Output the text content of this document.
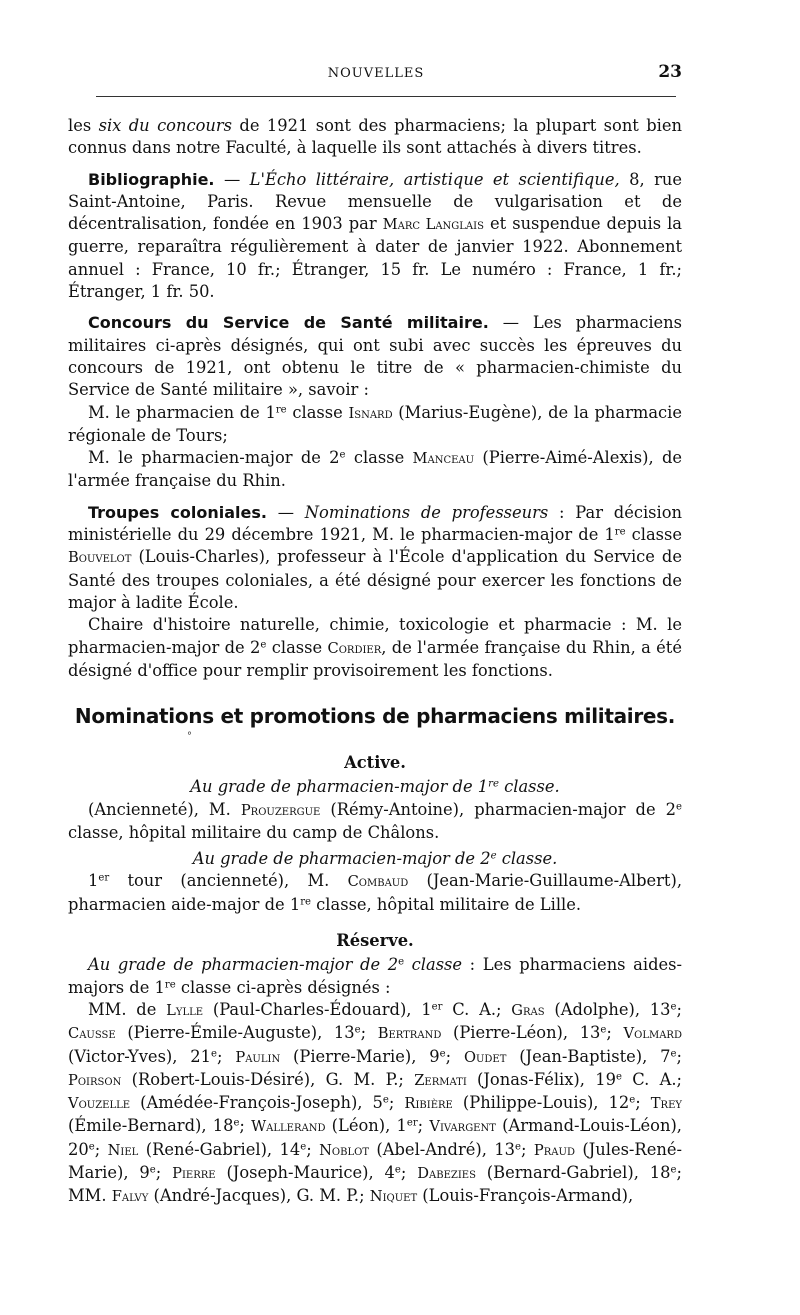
NOUVELLES	23

les six du concours de 1921 sont des pharmaciens; la plupart sont bien connus dans notre Faculté, à laquelle ils sont attachés à divers titres.

Bibliographie. — L'Écho littéraire, artistique et scientifique, 8, rue Saint-Antoine, Paris. Revue mensuelle de vulgarisation et de décentralisation, fondée en 1903 par Marc Langlais et suspendue depuis la guerre, reparaîtra régulièrement à dater de janvier 1922. Abonnement annuel : France, 10 fr.; Étranger, 15 fr. Le numéro : France, 1 fr.; Étranger, 1 fr. 50.

Concours du Service de Santé militaire. — Les pharmaciens militaires ci-après désignés, qui ont subi avec succès les épreuves du concours de 1921, ont obtenu le titre de « pharmacien-chimiste du Service de Santé militaire », savoir :

M. le pharmacien de 1re classe Isnard (Marius-Eugène), de la pharmacie régionale de Tours;

M. le pharmacien-major de 2e classe Manceau (Pierre-Aimé-Alexis), de l'armée française du Rhin.

Troupes coloniales. — Nominations de professeurs : Par décision ministérielle du 29 décembre 1921, M. le pharmacien-major de 1re classe Bouvelot (Louis-Charles), professeur à l'École d'application du Service de Santé des troupes coloniales, a été désigné pour exercer les fonctions de major à ladite École.

Chaire d'histoire naturelle, chimie, toxicologie et pharmacie : M. le pharmacien-major de 2e classe Cordier, de l'armée française du Rhin, a été désigné d'office pour remplir provisoirement les fonctions.

Nominations et promotions de pharmaciens militaires.
°

Active.

Au grade de pharmacien-major de 1re classe.

(Ancienneté), M. Prouzergue (Rémy-Antoine), pharmacien-major de 2e classe, hôpital militaire du camp de Châlons.

Au grade de pharmacien-major de 2e classe.

1er tour (ancienneté), M. Combaud (Jean-Marie-Guillaume-Albert), pharmacien aide-major de 1re classe, hôpital militaire de Lille.

Réserve.

Au grade de pharmacien-major de 2e classe : Les pharmaciens aides-majors de 1re classe ci-après désignés :

MM. de Lylle (Paul-Charles-Édouard), 1er C. A.; Gras (Adolphe), 13e; Causse (Pierre-Émile-Auguste), 13e; Bertrand (Pierre-Léon), 13e; Volmard (Victor-Yves), 21e; Paulin (Pierre-Marie), 9e; Oudet (Jean-Baptiste), 7e; Poirson (Robert-Louis-Désiré), G. M. P.; Zermati (Jonas-Félix), 19e C. A.; Vouzelle (Amédée-François-Joseph), 5e; Ribière (Philippe-Louis), 12e; Trey (Émile-Bernard), 18e; Wallerand (Léon), 1er; Vivargent (Armand-Louis-Léon), 20e; Niel (René-Gabriel), 14e; Noblot (Abel-André), 13e; Praud (Jules-René-Marie), 9e; Pierre (Joseph-Maurice), 4e; Dabezies (Bernard-Gabriel), 18e; MM. Falvy (André-Jacques), G. M. P.; Niquet (Louis-François-Armand),
